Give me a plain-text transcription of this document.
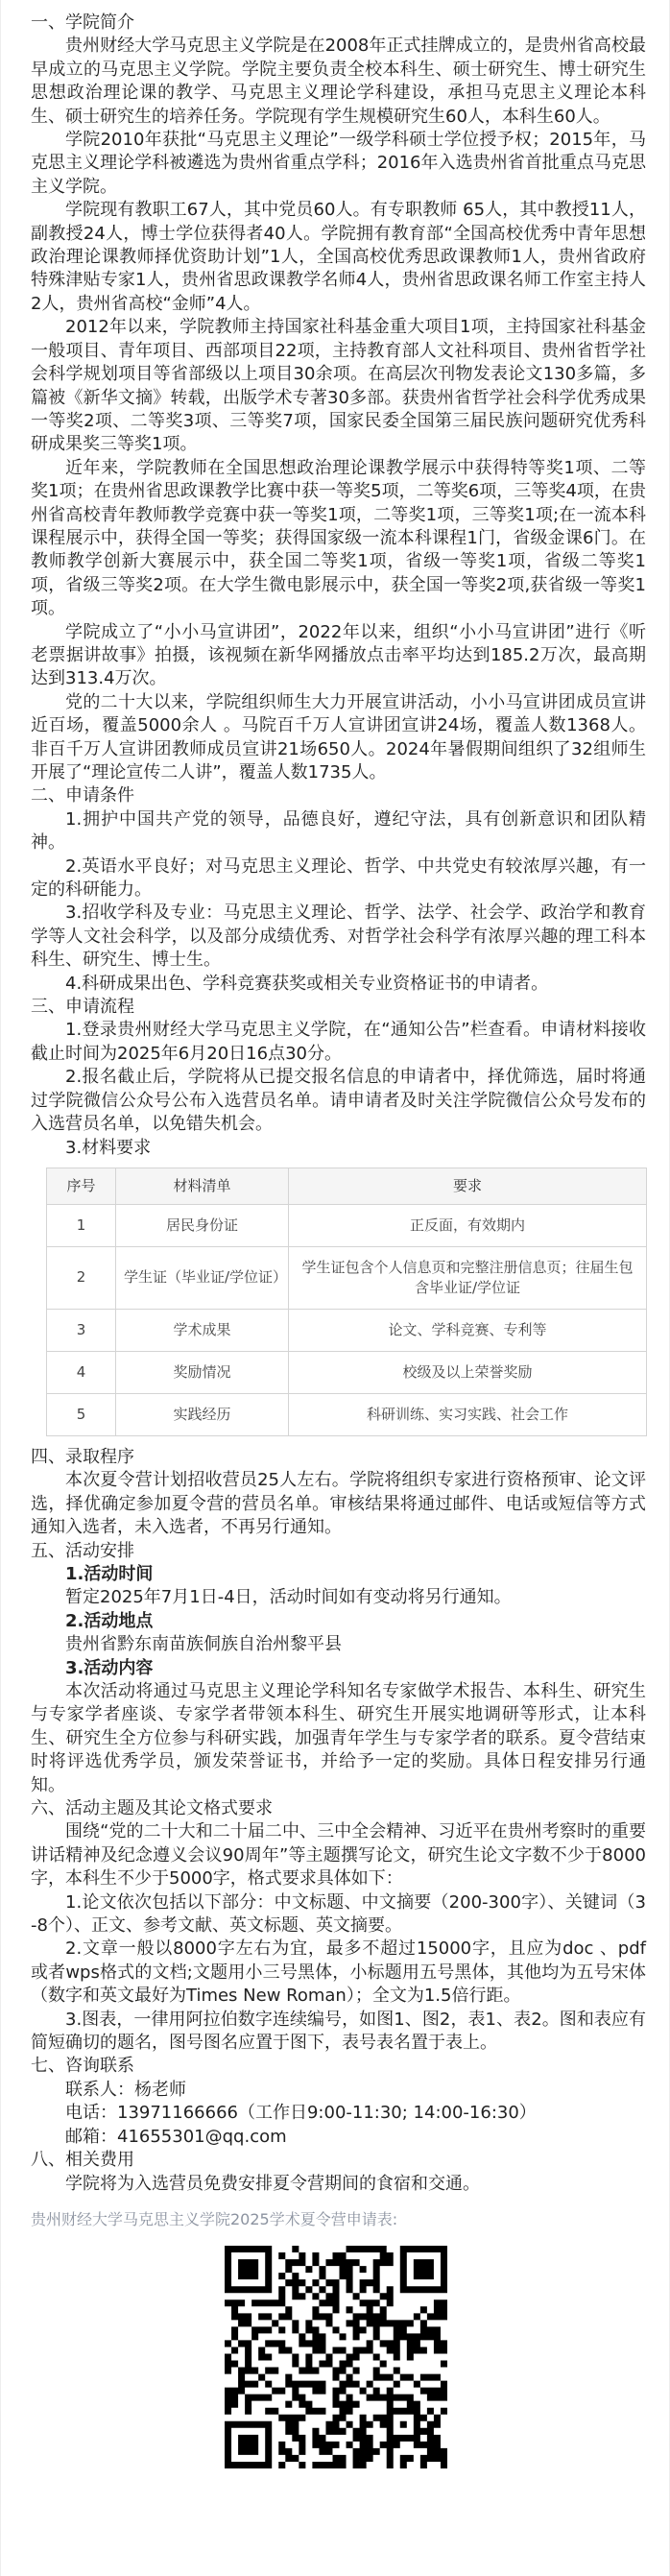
一、学院简介

贵州财经大学马克思主义学院是在2008年正式挂牌成立的，是贵州省高校最早成立的马克思主义学院。学院主要负责全校本科生、硕士研究生、博士研究生思想政治理论课的教学、马克思主义理论学科建设，承担马克思主义理论本科生、硕士研究生的培养任务。学院现有学生规模研究生60人，本科生60人。

学院2010年获批“马克思主义理论”一级学科硕士学位授予权；2015年，马克思主义理论学科被遴选为贵州省重点学科；2016年入选贵州省首批重点马克思主义学院。

学院现有教职工67人，其中党员60人。有专职教师 65人，其中教授11人，副教授24人，博士学位获得者40人。学院拥有教育部“全国高校优秀中青年思想政治理论课教师择优资助计划”1人，全国高校优秀思政课教师1人，贵州省政府特殊津贴专家1人，贵州省思政课教学名师4人，贵州省思政课名师工作室主持人 2人，贵州省高校“金师”4人。

2012年以来，学院教师主持国家社科基金重大项目1项，主持国家社科基金一般项目、青年项目、西部项目22项，主持教育部人文社科项目、贵州省哲学社会科学规划项目等省部级以上项目30余项。在高层次刊物发表论文130多篇，多篇被《新华文摘》转载，出版学术专著30多部。获贵州省哲学社会科学优秀成果一等奖2项、二等奖3项、三等奖7项，国家民委全国第三届民族问题研究优秀科研成果奖三等奖1项。

近年来，学院教师在全国思想政治理论课教学展示中获得特等奖1项、二等奖1项；在贵州省思政课教学比赛中获一等奖5项，二等奖6项，三等奖4项，在贵州省高校青年教师教学竞赛中获一等奖1项，二等奖1项，三等奖1项;在一流本科课程展示中，获得全国一等奖；获得国家级一流本科课程1门，省级金课6门。在教师教学创新大赛展示中，获全国二等奖1项，省级一等奖1项，省级二等奖1项，省级三等奖2项。在大学生微电影展示中，获全国一等奖2项,获省级一等奖1项。

学院成立了“小小马宣讲团”，2022年以来，组织“小小马宣讲团”进行《听老票据讲故事》拍摄，该视频在新华网播放点击率平均达到185.2万次，最高期达到313.4万次。

党的二十大以来，学院组织师生大力开展宣讲活动，小小马宣讲团成员宣讲近百场，覆盖5000余人 。马院百千万人宣讲团宣讲24场，覆盖人数1368人。非百千万人宣讲团教师成员宣讲21场650人。2024年暑假期间组织了32组师生开展了“理论宣传二人讲”，覆盖人数1735人。

二、申请条件

1.拥护中国共产党的领导，品德良好，遵纪守法，具有创新意识和团队精神。

2.英语水平良好；对马克思主义理论、哲学、中共党史有较浓厚兴趣，有一定的科研能力。

3.招收学科及专业：马克思主义理论、哲学、法学、社会学、政治学和教育学等人文社会科学，以及部分成绩优秀、对哲学社会科学有浓厚兴趣的理工科本科生、研究生、博士生。

4.科研成果出色、学科竞赛获奖或相关专业资格证书的申请者。

三、申请流程

1.登录贵州财经大学马克思主义学院，在“通知公告”栏查看。申请材料接收截止时间为2025年6月20日16点30分。

2.报名截止后，学院将从已提交报名信息的申请者中，择优筛选，届时将通过学院微信公众号公布入选营员名单。请申请者及时关注学院微信公众号发布的入选营员名单，以免错失机会。

3.材料要求

序号	材料清单	要求
1	居民身份证	正反面，有效期内
2	学生证（毕业证/学位证）	学生证包含个人信息页和完整注册信息页；往届生包含毕业证/学位证
3	学术成果	论文、学科竞赛、专利等
4	奖励情况	校级及以上荣誉奖励
5	实践经历	科研训练、实习实践、社会工作

四、录取程序

本次夏令营计划招收营员25人左右。学院将组织专家进行资格预审、论文评选，择优确定参加夏令营的营员名单。审核结果将通过邮件、电话或短信等方式通知入选者，未入选者，不再另行通知。

五、活动安排

1.活动时间

暂定2025年7月1日-4日，活动时间如有变动将另行通知。

2.活动地点

贵州省黔东南苗族侗族自治州黎平县

3.活动内容

本次活动将通过马克思主义理论学科知名专家做学术报告、本科生、研究生与专家学者座谈、专家学者带领本科生、研究生开展实地调研等形式，让本科生、研究生全方位参与科研实践，加强青年学生与专家学者的联系。夏令营结束时将评选优秀学员，颁发荣誉证书，并给予一定的奖励。具体日程安排另行通知。

六、活动主题及其论文格式要求

围绕“党的二十大和二十届二中、三中全会精神、习近平在贵州考察时的重要讲话精神及纪念遵义会议90周年”等主题撰写论文，研究生论文字数不少于8000字，本科生不少于5000字，格式要求具体如下：

1.论文依次包括以下部分：中文标题、中文摘要（200-300字）、关键词（3-8个）、正文、参考文献、英文标题、英文摘要。

2.文章一般以8000字左右为宜，最多不超过15000字，且应为doc 、pdf 或者wps格式的文档;文题用小三号黑体，小标题用五号黑体，其他均为五号宋体（数字和英文最好为Times New Roman）；全文为1.5倍行距。

3.图表，一律用阿拉伯数字连续编号，如图1、图2，表1、表2。图和表应有简短确切的题名，图号图名应置于图下，表号表名置于表上。

七、咨询联系

联系人：杨老师

电话：13971166666（工作日9:00-11:30; 14:00-16:30）

邮箱：41655301@qq.com

八、相关费用

学院将为入选营员免费安排夏令营期间的食宿和交通。

贵州财经大学马克思主义学院2025学术夏令营申请表:
